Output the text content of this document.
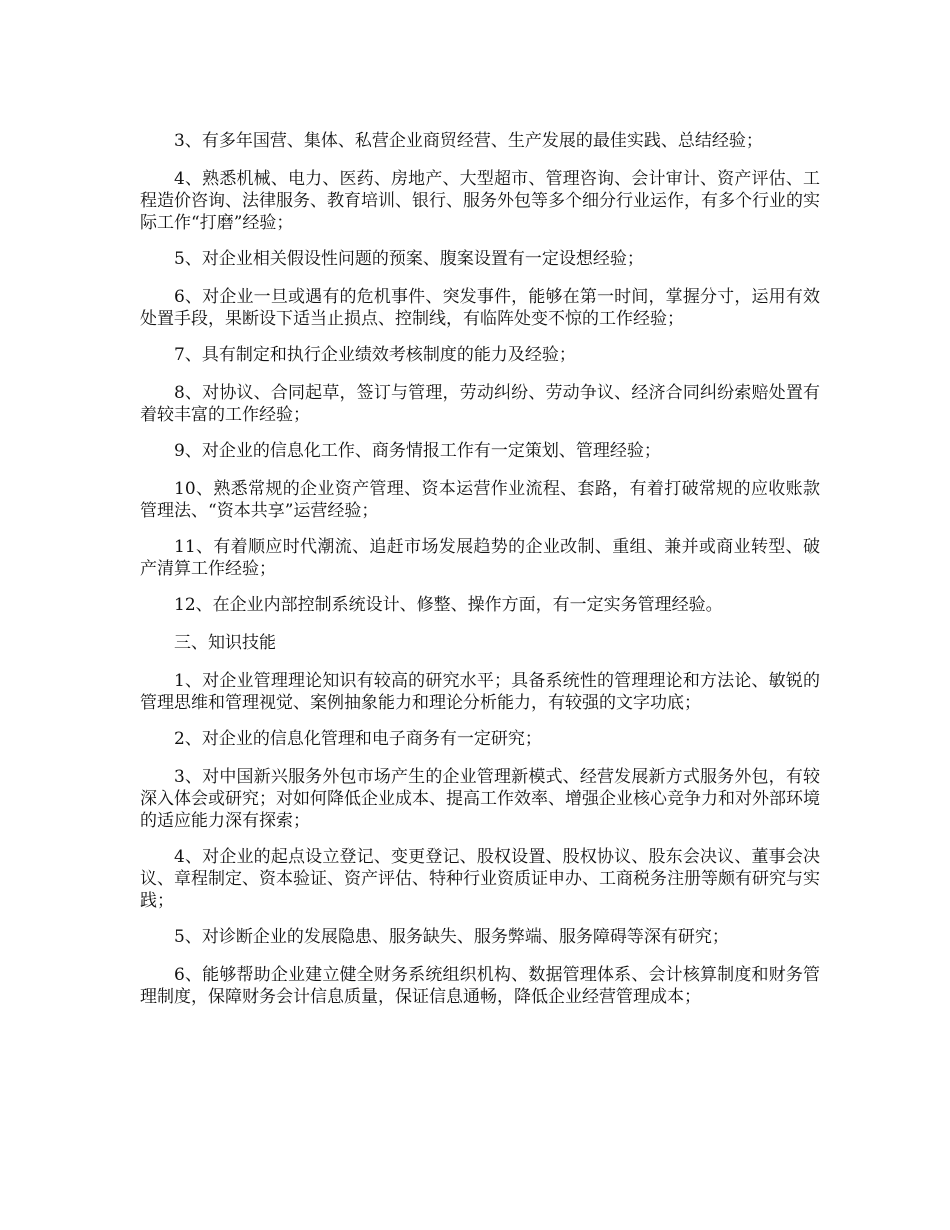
3、有多年国营、集体、私营企业商贸经营、生产发展的最佳实践、总结经验；

4、熟悉机械、电力、医药、房地产、大型超市、管理咨询、会计审计、资产评估、工程造价咨询、法律服务、教育培训、银行、服务外包等多个细分行业运作，有多个行业的实际工作“打磨”经验；

5、对企业相关假设性问题的预案、腹案设置有一定设想经验；

6、对企业一旦或遇有的危机事件、突发事件，能够在第一时间，掌握分寸，运用有效处置手段，果断设下适当止损点、控制线，有临阵处变不惊的工作经验；

7、具有制定和执行企业绩效考核制度的能力及经验；

8、对协议、合同起草，签订与管理，劳动纠纷、劳动争议、经济合同纠纷索赔处置有着较丰富的工作经验；

9、对企业的信息化工作、商务情报工作有一定策划、管理经验；

10、熟悉常规的企业资产管理、资本运营作业流程、套路，有着打破常规的应收账款管理法、“资本共享”运营经验；

11、有着顺应时代潮流、追赶市场发展趋势的企业改制、重组、兼并或商业转型、破产清算工作经验；

12、在企业内部控制系统设计、修整、操作方面，有一定实务管理经验。

三、知识技能

1、对企业管理理论知识有较高的研究水平；具备系统性的管理理论和方法论、敏锐的管理思维和管理视觉、案例抽象能力和理论分析能力，有较强的文字功底；

2、对企业的信息化管理和电子商务有一定研究；

3、对中国新兴服务外包市场产生的企业管理新模式、经营发展新方式服务外包，有较深入体会或研究；对如何降低企业成本、提高工作效率、增强企业核心竞争力和对外部环境的适应能力深有探索；

4、对企业的起点设立登记、变更登记、股权设置、股权协议、股东会决议、董事会决议、章程制定、资本验证、资产评估、特种行业资质证申办、工商税务注册等颇有研究与实践；

5、对诊断企业的发展隐患、服务缺失、服务弊端、服务障碍等深有研究；

6、能够帮助企业建立健全财务系统组织机构、数据管理体系、会计核算制度和财务管理制度，保障财务会计信息质量，保证信息通畅，降低企业经营管理成本；
